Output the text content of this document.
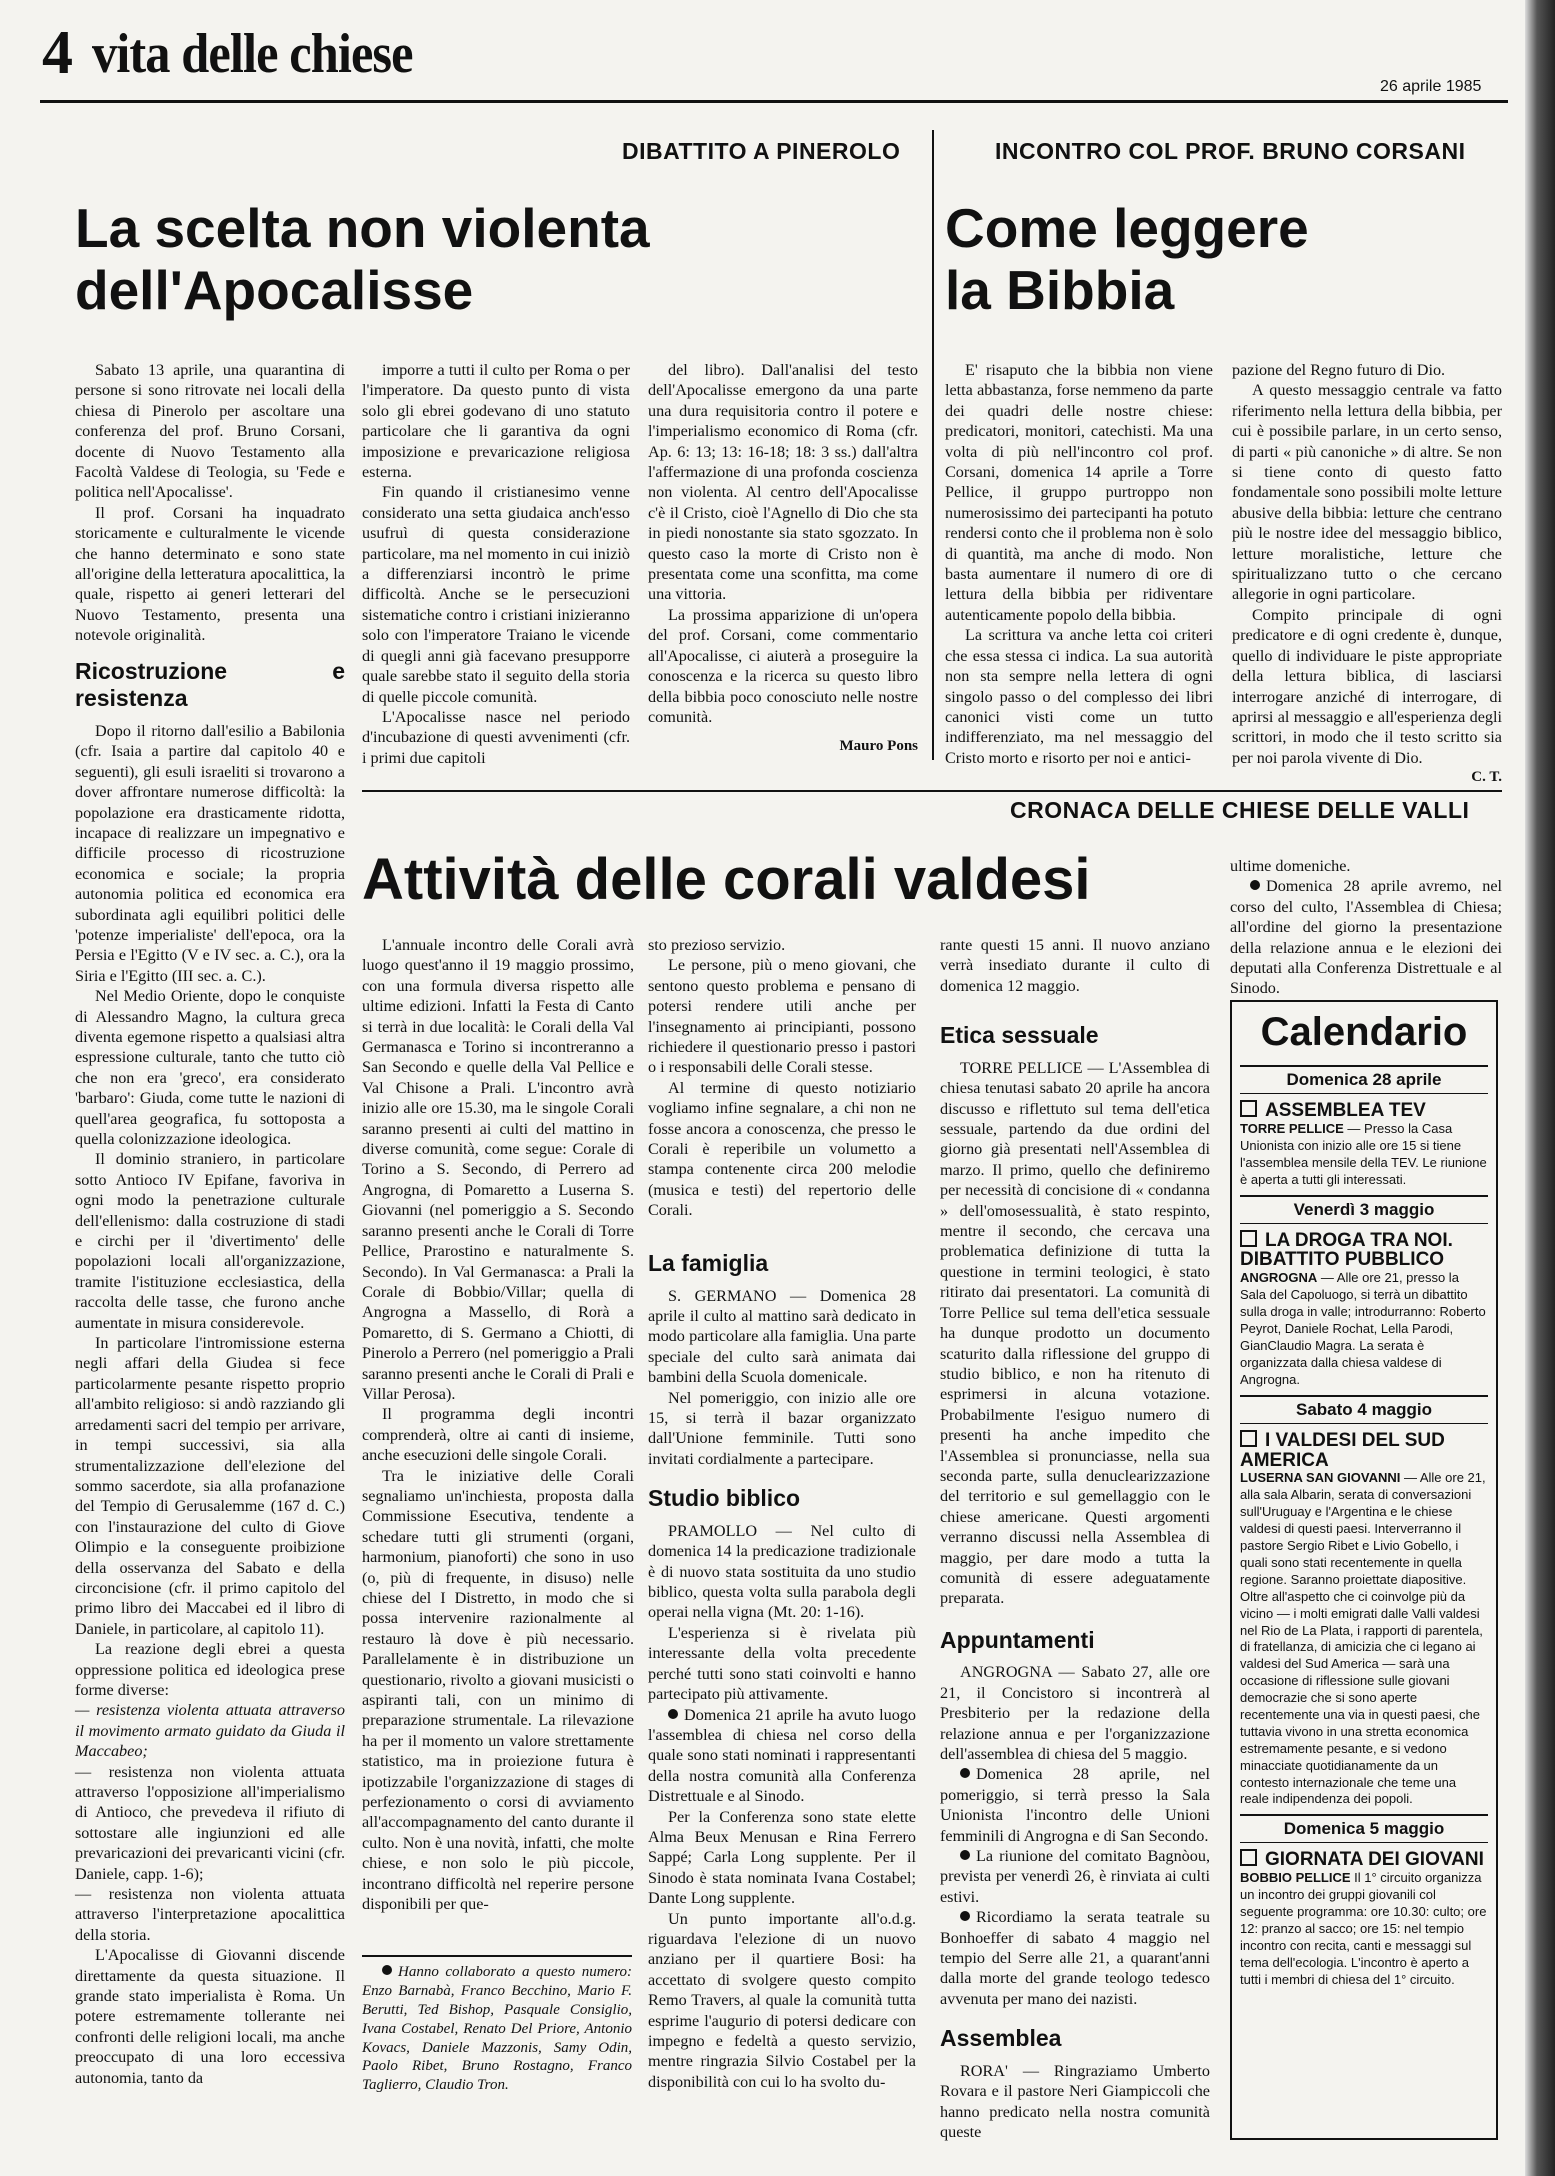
4 vita delle chiese
26 aprile 1985
DIBATTITO A PINEROLO
La scelta non violenta dell'Apocalisse

Sabato 13 aprile, una quarantina di persone si sono ritrovate nei locali della chiesa di Pinerolo per ascoltare una conferenza del prof. Bruno Corsani, docente di Nuovo Testamento alla Facoltà Valdese di Teologia, su 'Fede e politica nell'Apocalisse'.

Il prof. Corsani ha inquadrato storicamente e culturalmente le vicende che hanno determinato e sono state all'origine della letteratura apocalittica, la quale, rispetto ai generi letterari del Nuovo Testamento, presenta una notevole originalità.

Ricostruzione e resistenza

Dopo il ritorno dall'esilio a Babilonia (cfr. Isaia a partire dal capitolo 40 e seguenti), gli esuli israeliti si trovarono a dover affrontare numerose difficoltà: la popolazione era drasticamente ridotta, incapace di realizzare un impegnativo e difficile processo di ricostruzione economica e sociale; la propria autonomia politica ed economica era subordinata agli equilibri politici delle 'potenze imperialiste' dell'epoca, ora la Persia e l'Egitto (V e IV sec. a. C.), ora la Siria e l'Egitto (III sec. a. C.).

Nel Medio Oriente, dopo le conquiste di Alessandro Magno, la cultura greca diventa egemone rispetto a qualsiasi altra espressione culturale, tanto che tutto ciò che non era 'greco', era considerato 'barbaro': Giuda, come tutte le nazioni di quell'area geografica, fu sottoposta a quella colonizzazione ideologica.

Il dominio straniero, in particolare sotto Antioco IV Epifane, favoriva in ogni modo la penetrazione culturale dell'ellenismo: dalla costruzione di stadi e circhi per il 'divertimento' delle popolazioni locali all'organizzazione, tramite l'istituzione ecclesiastica, della raccolta delle tasse, che furono anche aumentate in misura considerevole.

In particolare l'intromissione esterna negli affari della Giudea si fece particolarmente pesante rispetto proprio all'ambito religioso: si andò razziando gli arredamenti sacri del tempio per arrivare, in tempi successivi, sia alla strumentalizzazione dell'elezione del sommo sacerdote, sia alla profanazione del Tempio di Gerusalemme (167 d. C.) con l'instaurazione del culto di Giove Olimpio e la conseguente proibizione della osservanza del Sabato e della circoncisione (cfr. il primo capitolo del primo libro dei Maccabei ed il libro di Daniele, in particolare, al capitolo 11).

La reazione degli ebrei a questa oppressione politica ed ideologica prese forme diverse:

— resistenza violenta attuata attraverso il movimento armato guidato da Giuda il Maccabeo;

— resistenza non violenta attuata attraverso l'opposizione all'imperialismo di Antioco, che prevedeva il rifiuto di sottostare alle ingiunzioni ed alle prevaricazioni dei prevaricanti vicini (cfr. Daniele, capp. 1-6);

— resistenza non violenta attuata attraverso l'interpretazione apocalittica della storia.

L'Apocalisse di Giovanni discende direttamente da questa situazione. Il grande stato imperialista è Roma. Un potere estremamente tollerante nei confronti delle religioni locali, ma anche preoccupato di una loro eccessiva autonomia, tanto da

imporre a tutti il culto per Roma o per l'imperatore. Da questo punto di vista solo gli ebrei godevano di uno statuto particolare che li garantiva da ogni imposizione e prevaricazione religiosa esterna.

Fin quando il cristianesimo venne considerato una setta giudaica anch'esso usufruì di questa considerazione particolare, ma nel momento in cui iniziò a differenziarsi incontrò le prime difficoltà. Anche se le persecuzioni sistematiche contro i cristiani inizieranno solo con l'imperatore Traiano le vicende di quegli anni già facevano presupporre quale sarebbe stato il seguito della storia di quelle piccole comunità.

L'Apocalisse nasce nel periodo d'incubazione di questi avvenimenti (cfr. i primi due capitoli

del libro). Dall'analisi del testo dell'Apocalisse emergono da una parte una dura requisitoria contro il potere e l'imperialismo economico di Roma (cfr. Ap. 6: 13; 13: 16-18; 18: 3 ss.) dall'altra l'affermazione di una profonda coscienza non violenta. Al centro dell'Apocalisse c'è il Cristo, cioè l'Agnello di Dio che sta in piedi nonostante sia stato sgozzato. In questo caso la morte di Cristo non è presentata come una sconfitta, ma come una vittoria.

La prossima apparizione di un'opera del prof. Corsani, come commentario all'Apocalisse, ci aiuterà a proseguire la conoscenza e la ricerca su questo libro della bibbia poco conosciuto nelle nostre comunità.

Mauro Pons

INCONTRO COL PROF. BRUNO CORSANI
Come leggere la Bibbia

E' risaputo che la bibbia non viene letta abbastanza, forse nemmeno da parte dei quadri delle nostre chiese: predicatori, monitori, catechisti. Ma una volta di più nell'incontro col prof. Corsani, domenica 14 aprile a Torre Pellice, il gruppo purtroppo non numerosissimo dei partecipanti ha potuto rendersi conto che il problema non è solo di quantità, ma anche di modo. Non basta aumentare il numero di ore di lettura della bibbia per ridiventare autenticamente popolo della bibbia.

La scrittura va anche letta coi criteri che essa stessa ci indica. La sua autorità non sta sempre nella lettera di ogni singolo passo o del complesso dei libri canonici visti come un tutto indifferenziato, ma nel messaggio del Cristo morto e risorto per noi e antici-

pazione del Regno futuro di Dio.

A questo messaggio centrale va fatto riferimento nella lettura della bibbia, per cui è possibile parlare, in un certo senso, di parti « più canoniche » di altre. Se non si tiene conto di questo fatto fondamentale sono possibili molte letture abusive della bibbia: letture che centrano più le nostre idee del messaggio biblico, letture moralistiche, letture che spiritualizzano tutto o che cercano allegorie in ogni particolare.

Compito principale di ogni predicatore e di ogni credente è, dunque, quello di individuare le piste appropriate della lettura biblica, di lasciarsi interrogare anziché di interrogare, di aprirsi al messaggio e all'esperienza degli scrittori, in modo che il testo scritto sia per noi parola vivente di Dio.

C. T.

CRONACA DELLE CHIESE DELLE VALLI
Attività delle corali valdesi

L'annuale incontro delle Corali avrà luogo quest'anno il 19 maggio prossimo, con una formula diversa rispetto alle ultime edizioni. Infatti la Festa di Canto si terrà in due località: le Corali della Val Germanasca e Torino si incontreranno a San Secondo e quelle della Val Pellice e Val Chisone a Prali. L'incontro avrà inizio alle ore 15.30, ma le singole Corali saranno presenti ai culti del mattino in diverse comunità, come segue: Corale di Torino a S. Secondo, di Perrero ad Angrogna, di Pomaretto a Luserna S. Giovanni (nel pomeriggio a S. Secondo saranno presenti anche le Corali di Torre Pellice, Prarostino e naturalmente S. Secondo). In Val Germanasca: a Prali la Corale di Bobbio/Villar; quella di Angrogna a Massello, di Rorà a Pomaretto, di S. Germano a Chiotti, di Pinerolo a Perrero (nel pomeriggio a Prali saranno presenti anche le Corali di Prali e Villar Perosa).

Il programma degli incontri comprenderà, oltre ai canti di insieme, anche esecuzioni delle singole Corali.

Tra le iniziative delle Corali segnaliamo un'inchiesta, proposta dalla Commissione Esecutiva, tendente a schedare tutti gli strumenti (organi, harmonium, pianoforti) che sono in uso (o, più di frequente, in disuso) nelle chiese del I Distretto, in modo che si possa intervenire razionalmente al restauro là dove è più necessario. Parallelamente è in distribuzione un questionario, rivolto a giovani musicisti o aspiranti tali, con un minimo di preparazione strumentale. La rilevazione ha per il momento un valore strettamente statistico, ma in proiezione futura è ipotizzabile l'organizzazione di stages di perfezionamento o corsi di avviamento all'accompagnamento del canto durante il culto. Non è una novità, infatti, che molte chiese, e non solo le più piccole, incontrano difficoltà nel reperire persone disponibili per que-

sto prezioso servizio.

Le persone, più o meno giovani, che sentono questo problema e pensano di potersi rendere utili anche per l'insegnamento ai principianti, possono richiedere il questionario presso i pastori o i responsabili delle Corali stesse.

Al termine di questo notiziario vogliamo infine segnalare, a chi non ne fosse ancora a conoscenza, che presso le Corali è reperibile un volumetto a stampa contenente circa 200 melodie (musica e testi) del repertorio delle Corali.

Hanno collaborato a questo numero: Enzo Barnabà, Franco Becchino, Mario F. Berutti, Ted Bishop, Pasquale Consiglio, Ivana Costabel, Renato Del Priore, Antonio Kovacs, Daniele Mazzonis, Samy Odin, Paolo Ribet, Bruno Rostagno, Franco Taglierro, Claudio Tron.

rante questi 15 anni. Il nuovo anziano verrà insediato durante il culto di domenica 12 maggio.

Etica sessuale

TORRE PELLICE — L'Assemblea di chiesa tenutasi sabato 20 aprile ha ancora discusso e riflettuto sul tema dell'etica sessuale, partendo da due ordini del giorno già presentati nell'Assemblea di marzo. Il primo, quello che definiremo per necessità di concisione di « condanna » dell'omosessualità, è stato respinto, mentre il secondo, che cercava una problematica definizione di tutta la questione in termini teologici, è stato ritirato dai presentatori. La comunità di Torre Pellice sul tema dell'etica sessuale ha dunque prodotto un documento scaturito dalla riflessione del gruppo di studio biblico, e non ha ritenuto di esprimersi in alcuna votazione. Probabilmente l'esiguo numero di presenti ha anche impedito che l'Assemblea si pronunciasse, nella sua seconda parte, sulla denuclearizzazione del territorio e sul gemellaggio con le chiese americane. Questi argomenti verranno discussi nella Assemblea di maggio, per dare modo a tutta la comunità di essere adeguatamente preparata.

Appuntamenti

ANGROGNA — Sabato 27, alle ore 21, il Concistoro si incontrerà al Presbiterio per la redazione della relazione annua e per l'organizzazione dell'assemblea di chiesa del 5 maggio.

Domenica 28 aprile, nel pomeriggio, si terrà presso la Sala Unionista l'incontro delle Unioni femminili di Angrogna e di San Secondo.

La riunione del comitato Bagnòou, prevista per venerdì 26, è rinviata ai culti estivi.

Ricordiamo la serata teatrale su Bonhoeffer di sabato 4 maggio nel tempio del Serre alle 21, a quarant'anni dalla morte del grande teologo tedesco avvenuta per mano dei nazisti.

Assemblea

RORA' — Ringraziamo Umberto Rovara e il pastore Neri Giampiccoli che hanno predicato nella nostra comunità queste

La famiglia

S. GERMANO — Domenica 28 aprile il culto al mattino sarà dedicato in modo particolare alla famiglia. Una parte speciale del culto sarà animata dai bambini della Scuola domenicale.

Nel pomeriggio, con inizio alle ore 15, si terrà il bazar organizzato dall'Unione femminile. Tutti sono invitati cordialmente a partecipare.

Studio biblico

PRAMOLLO — Nel culto di domenica 14 la predicazione tradizionale è di nuovo stata sostituita da uno studio biblico, questa volta sulla parabola degli operai nella vigna (Mt. 20: 1-16).

L'esperienza si è rivelata più interessante della volta precedente perché tutti sono stati coinvolti e hanno partecipato più attivamente.

Domenica 21 aprile ha avuto luogo l'assemblea di chiesa nel corso della quale sono stati nominati i rappresentanti della nostra comunità alla Conferenza Distrettuale e al Sinodo.

Per la Conferenza sono state elette Alma Beux Menusan e Rina Ferrero Sappé; Carla Long supplente. Per il Sinodo è stata nominata Ivana Costabel; Dante Long supplente.

Un punto importante all'o.d.g. riguardava l'elezione di un nuovo anziano per il quartiere Bosi: ha accettato di svolgere questo compito Remo Travers, al quale la comunità tutta esprime l'augurio di potersi dedicare con impegno e fedeltà a questo servizio, mentre ringrazia Silvio Costabel per la disponibilità con cui lo ha svolto du-

ultime domeniche.

Domenica 28 aprile avremo, nel corso del culto, l'Assemblea di Chiesa; all'ordine del giorno la presentazione della relazione annua e le elezioni dei deputati alla Conferenza Distrettuale e al Sinodo.

Calendario
Domenica 28 aprile
ASSEMBLEA TEV
TORRE PELLICE — Presso la Casa Unionista con inizio alle ore 15 si tiene l'assemblea mensile della TEV. Le riunione è aperta a tutti gli interessati.
Venerdì 3 maggio
LA DROGA TRA NOI. DIBATTITO PUBBLICO
ANGROGNA — Alle ore 21, presso la Sala del Capoluogo, si terrà un dibattito sulla droga in valle; introdurranno: Roberto Peyrot, Daniele Rochat, Lella Parodi, GianClaudio Magra. La serata è organizzata dalla chiesa valdese di Angrogna.
Sabato 4 maggio
I VALDESI DEL SUD AMERICA
LUSERNA SAN GIOVANNI — Alle ore 21, alla sala Albarin, serata di conversazioni sull'Uruguay e l'Argentina e le chiese valdesi di questi paesi. Interverranno il pastore Sergio Ribet e Livio Gobello, i quali sono stati recentemente in quella regione. Saranno proiettate diapositive. Oltre all'aspetto che ci coinvolge più da vicino — i molti emigrati dalle Valli valdesi nel Rio de La Plata, i rapporti di parentela, di fratellanza, di amicizia che ci legano ai valdesi del Sud America — sarà una occasione di riflessione sulle giovani democrazie che si sono aperte recentemente una via in questi paesi, che tuttavia vivono in una stretta economica estremamente pesante, e si vedono minacciate quotidianamente da un contesto internazionale che teme una reale indipendenza dei popoli.
Domenica 5 maggio
GIORNATA DEI GIOVANI
BOBBIO PELLICE Il 1° circuito organizza un incontro dei gruppi giovanili col seguente programma: ore 10.30: culto; ore 12: pranzo al sacco; ore 15: nel tempio incontro con recita, canti e messaggi sul tema dell'ecologia. L'incontro è aperto a tutti i membri di chiesa del 1° circuito.
